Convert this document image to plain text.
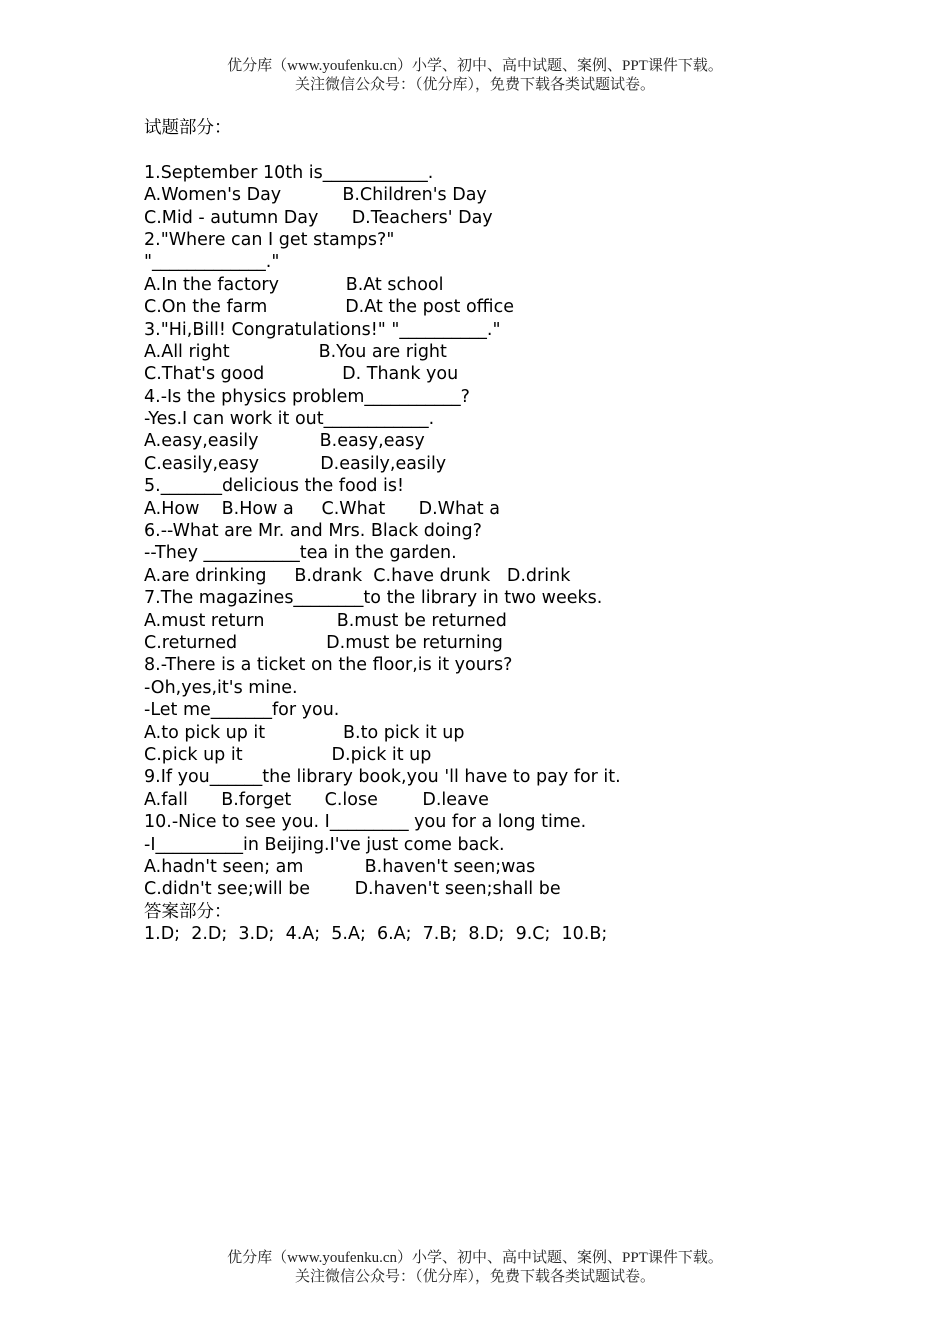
优分库（www.youfenku.cn）小学、初中、高中试题、案例、PPT课件下载。
关注微信公众号：（优分库），免费下载各类试题试卷。
试题部分：
1.September 10th is____________.
A.Women's Day           B.Children's Day
C.Mid - autumn Day      D.Teachers' Day
2."Where can I get stamps?"
"_____________."
A.In the factory            B.At school
C.On the farm              D.At the post office
3."Hi,Bill! Congratulations!" "__________."
A.All right                B.You are right
C.That's good              D. Thank you
4.-Is the physics problem___________?
-Yes.I can work it out____________.
A.easy,easily           B.easy,easy
C.easily,easy           D.easily,easily
5._______delicious the food is!
A.How    B.How a     C.What      D.What a
6.--What are Mr. and Mrs. Black doing?
--They ___________tea in the garden.
A.are drinking     B.drank  C.have drunk   D.drink
7.The magazines________to the library in two weeks.
A.must return             B.must be returned
C.returned                D.must be returning
8.-There is a ticket on the floor,is it yours?
-Oh,yes,it's mine.
-Let me_______for you.
A.to pick up it              B.to pick it up
C.pick up it                D.pick it up
9.If you______the library book,you 'll have to pay for it.
A.fall      B.forget      C.lose        D.leave
10.-Nice to see you. I_________ you for a long time.
-I__________in Beijing.I've just come back.
A.hadn't seen; am           B.haven't seen;was
C.didn't see;will be        D.haven't seen;shall be
答案部分：
1.D;  2.D;  3.D;  4.A;  5.A;  6.A;  7.B;  8.D;  9.C;  10.B;
优分库（www.youfenku.cn）小学、初中、高中试题、案例、PPT课件下载。
关注微信公众号：（优分库），免费下载各类试题试卷。
